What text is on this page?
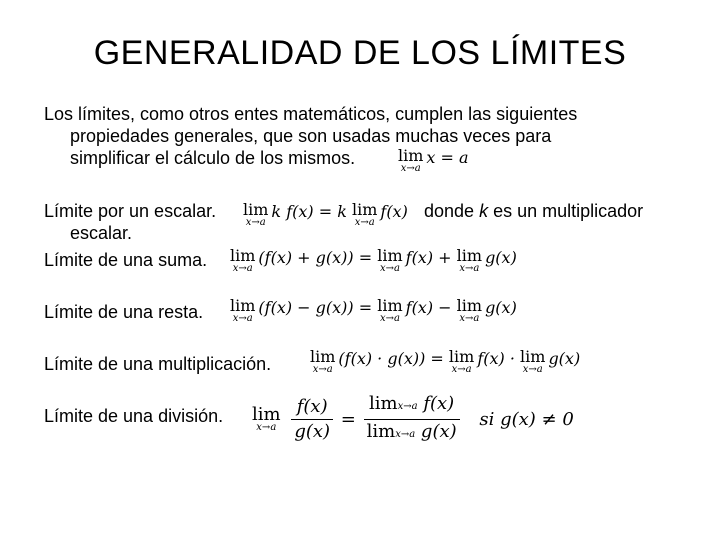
GENERALIDAD DE LOS LÍMITES
Los límites, como otros entes matemáticos, cumplen las siguientes
propiedades generales, que son usadas muchas veces para
simplificar el cálculo de los mismos.	lim
x→a
x = a
Límite por un escalar. lim
x→a
k f(x) = k lim
x→a
f(x) donde k es un multiplicador
escalar.
Límite de una suma. lim
x→a
(f(x) + g(x)) = lim
x→a
f(x) + lim
x→a
g(x)
Límite de una resta. lim
x→a
(f(x) − g(x)) = lim
x→a
f(x) − lim
x→a
g(x)
Límite de una multiplicación. lim
x→a
(f(x) · g(x)) = lim
x→a
f(x) · lim
x→a
g(x)
Límite de una división. lim
x→a
$\frac{f(x)}{g(x)} = \frac{\text{limx→a f(x)}}{\text{limx→a g(x)}}$ si g(x) ≠ 0
